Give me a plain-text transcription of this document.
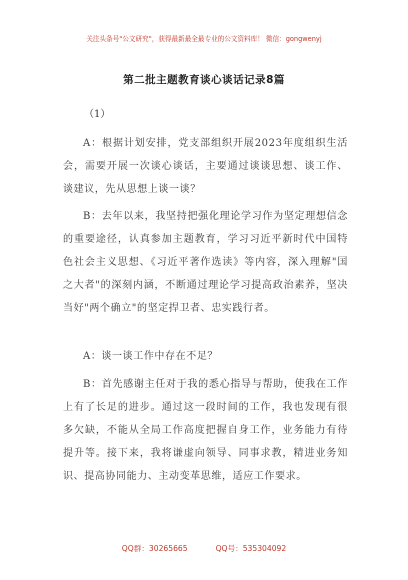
关注头条号"公文研究"，获得最新最全最专业的公文资料库！ 微信：gongwenyj
第二批主题教育谈心谈话记录8篇
（1）

A：根据计划安排，党支部组织开展2023年度组织生活会，需要开展一次谈心谈话，主要通过谈谈思想、谈工作、谈建议，先从思想上谈一谈？

B：去年以来，我坚持把强化理论学习作为坚定理想信念的重要途径，认真参加主题教育，学习习近平新时代中国特色社会主义思想、《习近平著作选读》等内容，深入理解"国之大者"的深刻内涵，不断通过理论学习提高政治素养，坚决当好"两个确立"的坚定捍卫者、忠实践行者。

A：谈一谈工作中存在不足？

B：首先感谢主任对于我的悉心指导与帮助，使我在工作上有了长足的进步。通过这一段时间的工作，我也发现有很多欠缺，不能从全局工作高度把握自身工作，业务能力有待提升等。接下来，我将谦虚向领导、同事求教，精进业务知识、提高协同能力、主动变革思维，适应工作要求。

QQ群：30265665	QQ号：535304092
